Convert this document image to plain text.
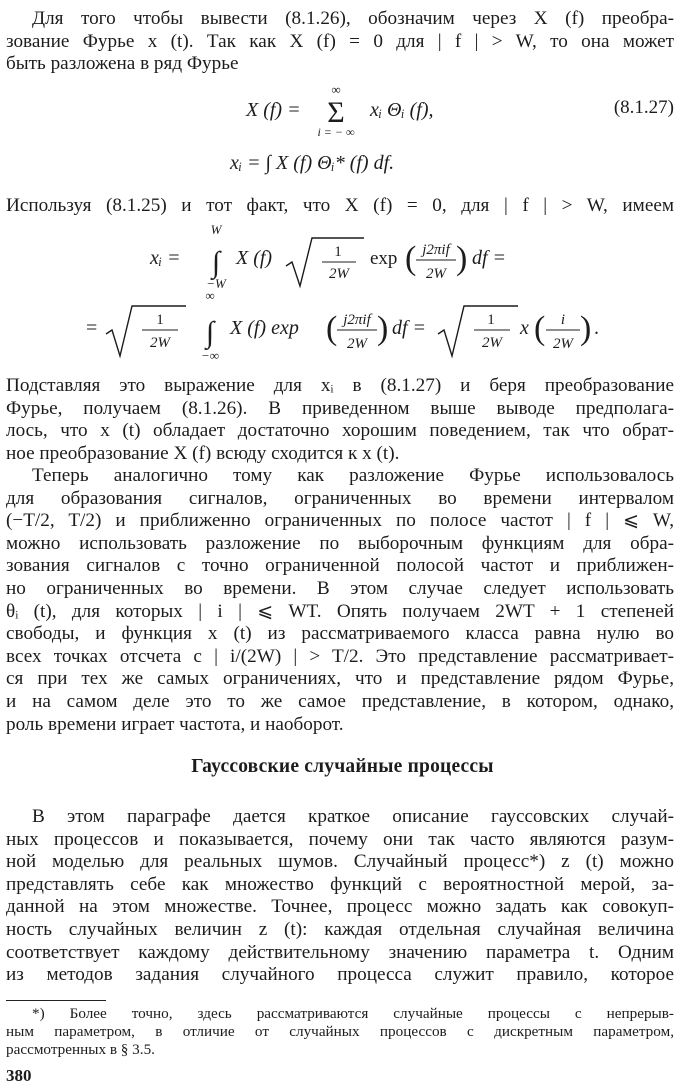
Для того чтобы вывести (8.1.26), обозначим через X (f) преобра-
зование Фурье x (t). Так как X (f) = 0 для | f | > W, то она может
быть разложена в ряд Фурье
X (f) =
∞
Σ
i = − ∞
xᵢ Θᵢ (f),	(8.1.27)
xᵢ = ∫ X (f) Θᵢ* (f) df.
Используя (8.1.25) и тот факт, что X (f) = 0, для | f | > W, имеем
xᵢ =
W
∫
−W
X (f)	1
2W
exp ( j2πif
2W ) df =
=	1
2W
∞
∫
−∞
X (f) exp ( j2πif
2W ) df =	1
2W
x ( i
2W ) .
Подставляя это выражение для xᵢ в (8.1.27) и беря преобразование
Фурье, получаем (8.1.26). В приведенном выше выводе предполага-
лось, что x (t) обладает достаточно хорошим поведением, так что обрат-
ное преобразование X (f) всюду сходится к x (t).
Теперь аналогично тому как разложение Фурье использовалось
для образования сигналов, ограниченных во времени интервалом
(−T/2, T/2) и приближенно ограниченных по полосе частот | f | ⩽ W,
можно использовать разложение по выборочным функциям для обра-
зования сигналов с точно ограниченной полосой частот и приближен-
но ограниченных во времени. В этом случае следует использовать
θᵢ (t), для которых | i | ⩽ WT. Опять получаем 2WT + 1 степеней
свободы, и функция x (t) из рассматриваемого класса равна нулю во
всех точках отсчета с | i/(2W) | > T/2. Это представление рассматривает-
ся при тех же самых ограничениях, что и представление рядом Фурье,
и на самом деле это то же самое представление, в котором, однако,
роль времени играет частота, и наоборот.
Гауссовские случайные процессы
В этом параграфе дается краткое описание гауссовских случай-
ных процессов и показывается, почему они так часто являются разум-
ной моделью для реальных шумов. Случайный процесс*) z (t) можно
представлять себе как множество функций с вероятностной мерой, за-
данной на этом множестве. Точнее, процесс можно задать как совокуп-
ность случайных величин z (t): каждая отдельная случайная величина
соответствует каждому действительному значению параметра t. Одним
из методов задания случайного процесса служит правило, которое
*) Более точно, здесь рассматриваются случайные процессы с непрерыв-
ным параметром, в отличие от случайных процессов с дискретным параметром,
рассмотренных в § 3.5.
380
